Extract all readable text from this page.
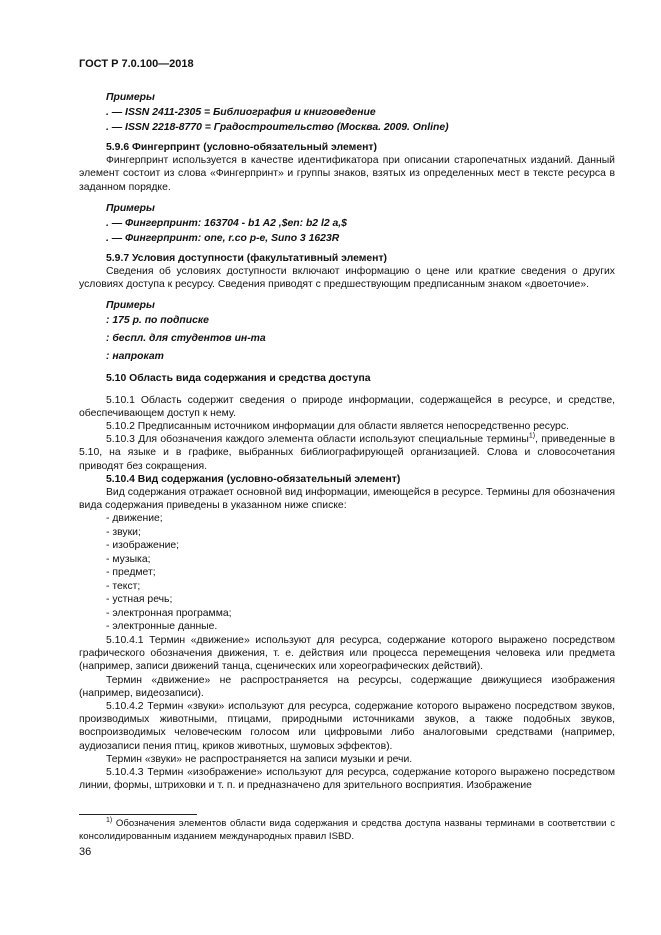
ГОСТ Р 7.0.100—2018

Примеры

. — ISSN 2411-2305 = Библиография и книговедение

. — ISSN 2218-8770 = Градостроительство (Москва. 2009. Online)

5.9.6 Фингерпринт (условно-обязательный элемент)

Фингерпринт используется в качестве идентификатора при описании старопечатных изданий. Данный элемент состоит из слова «Фингерпринт» и группы знаков, взятых из определенных мест в тексте ресурса в заданном порядке.

Примеры

. — Фингерпринт: 163704 - b1 A2 ,$en: b2 l2 a,$

. — Фингерпринт: one, r.co p-e, Suno 3 1623R

5.9.7 Условия доступности (факультативный элемент)

Сведения об условиях доступности включают информацию о цене или краткие сведения о других условиях доступа к ресурсу. Сведения приводят с предшествующим предписанным знаком «двоеточие».

Примеры

: 175 р. по подписке

: беспл. для студентов ин-та

: напрокат

5.10 Область вида содержания и средства доступа

5.10.1 Область содержит сведения о природе информации, содержащейся в ресурсе, и средстве, обеспечивающем доступ к нему.

5.10.2 Предписанным источником информации для области является непосредственно ресурс.

5.10.3 Для обозначения каждого элемента области используют специальные термины$^{1)}$, приведенные в 5.10, на языке и в графике, выбранных библиографирующей организацией. Слова и словосочетания приводят без сокращения.

5.10.4 Вид содержания (условно-обязательный элемент)

Вид содержания отражает основной вид информации, имеющейся в ресурсе. Термины для обозначения вида содержания приведены в указанном ниже списке:

- движение;
- звуки;
- изображение;
- музыка;
- предмет;
- текст;
- устная речь;
- электронная программа;
- электронные данные.

5.10.4.1 Термин «движение» используют для ресурса, содержание которого выражено посредством графического обозначения движения, т. е. действия или процесса перемещения человека или предмета (например, записи движений танца, сценических или хореографических действий).

Термин «движение» не распространяется на ресурсы, содержащие движущиеся изображения (например, видеозаписи).

5.10.4.2 Термин «звуки» используют для ресурса, содержание которого выражено посредством звуков, производимых животными, птицами, природными источниками звуков, а также подобных звуков, воспроизводимых человеческим голосом или цифровыми либо аналоговыми средствами (например, аудиозаписи пения птиц, криков животных, шумовых эффектов).

Термин «звуки» не распространяется на записи музыки и речи.

5.10.4.3 Термин «изображение» используют для ресурса, содержание которого выражено посредством линии, формы, штриховки и т. п. и предназначено для зрительного восприятия. Изображение

$^{1)}$ Обозначения элементов области вида содержания и средства доступа названы терминами в соответствии с консолидированным изданием международных правил ISBD.

36
